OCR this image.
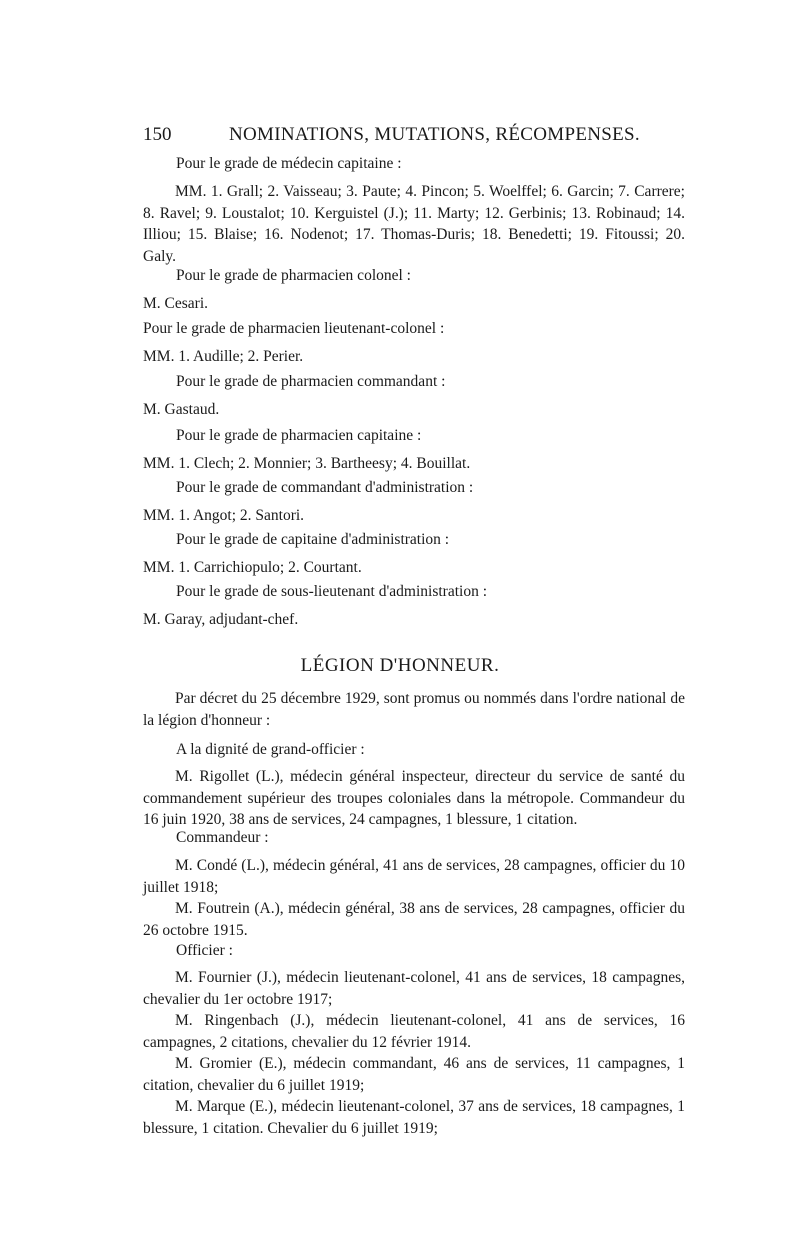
150	NOMINATIONS, MUTATIONS, RÉCOMPENSES.

Pour le grade de médecin capitaine :

MM. 1. Grall; 2. Vaisseau; 3. Paute; 4. Pincon; 5. Woelffel; 6. Garcin; 7. Carrere; 8. Ravel; 9. Loustalot; 10. Kerguistel (J.); 11. Marty; 12. Gerbinis; 13. Robinaud; 14. Illiou; 15. Blaise; 16. Nodenot; 17. Thomas-Duris; 18. Benedetti; 19. Fitoussi; 20. Galy.

Pour le grade de pharmacien colonel :

M. Cesari.

Pour le grade de pharmacien lieutenant-colonel :

MM. 1. Audille; 2. Perier.

Pour le grade de pharmacien commandant :

M. Gastaud.

Pour le grade de pharmacien capitaine :

MM. 1. Clech; 2. Monnier; 3. Bartheesy; 4. Bouillat.

Pour le grade de commandant d'administration :

MM. 1. Angot; 2. Santori.

Pour le grade de capitaine d'administration :

MM. 1. Carrichiopulo; 2. Courtant.

Pour le grade de sous-lieutenant d'administration :

M. Garay, adjudant-chef.

LÉGION D'HONNEUR.

Par décret du 25 décembre 1929, sont promus ou nommés dans l'ordre national de la légion d'honneur :

A la dignité de grand-officier :

M. Rigollet (L.), médecin général inspecteur, directeur du service de santé du commandement supérieur des troupes coloniales dans la métropole. Commandeur du 16 juin 1920, 38 ans de services, 24 campagnes, 1 blessure, 1 citation.

Commandeur :

M. Condé (L.), médecin général, 41 ans de services, 28 campagnes, officier du 10 juillet 1918;

M. Foutrein (A.), médecin général, 38 ans de services, 28 campagnes, officier du 26 octobre 1915.

Officier :

M. Fournier (J.), médecin lieutenant-colonel, 41 ans de services, 18 campagnes, chevalier du 1er octobre 1917;

M. Ringenbach (J.), médecin lieutenant-colonel, 41 ans de services, 16 campagnes, 2 citations, chevalier du 12 février 1914.

M. Gromier (E.), médecin commandant, 46 ans de services, 11 campagnes, 1 citation, chevalier du 6 juillet 1919;

M. Marque (E.), médecin lieutenant-colonel, 37 ans de services, 18 campagnes, 1 blessure, 1 citation. Chevalier du 6 juillet 1919;
